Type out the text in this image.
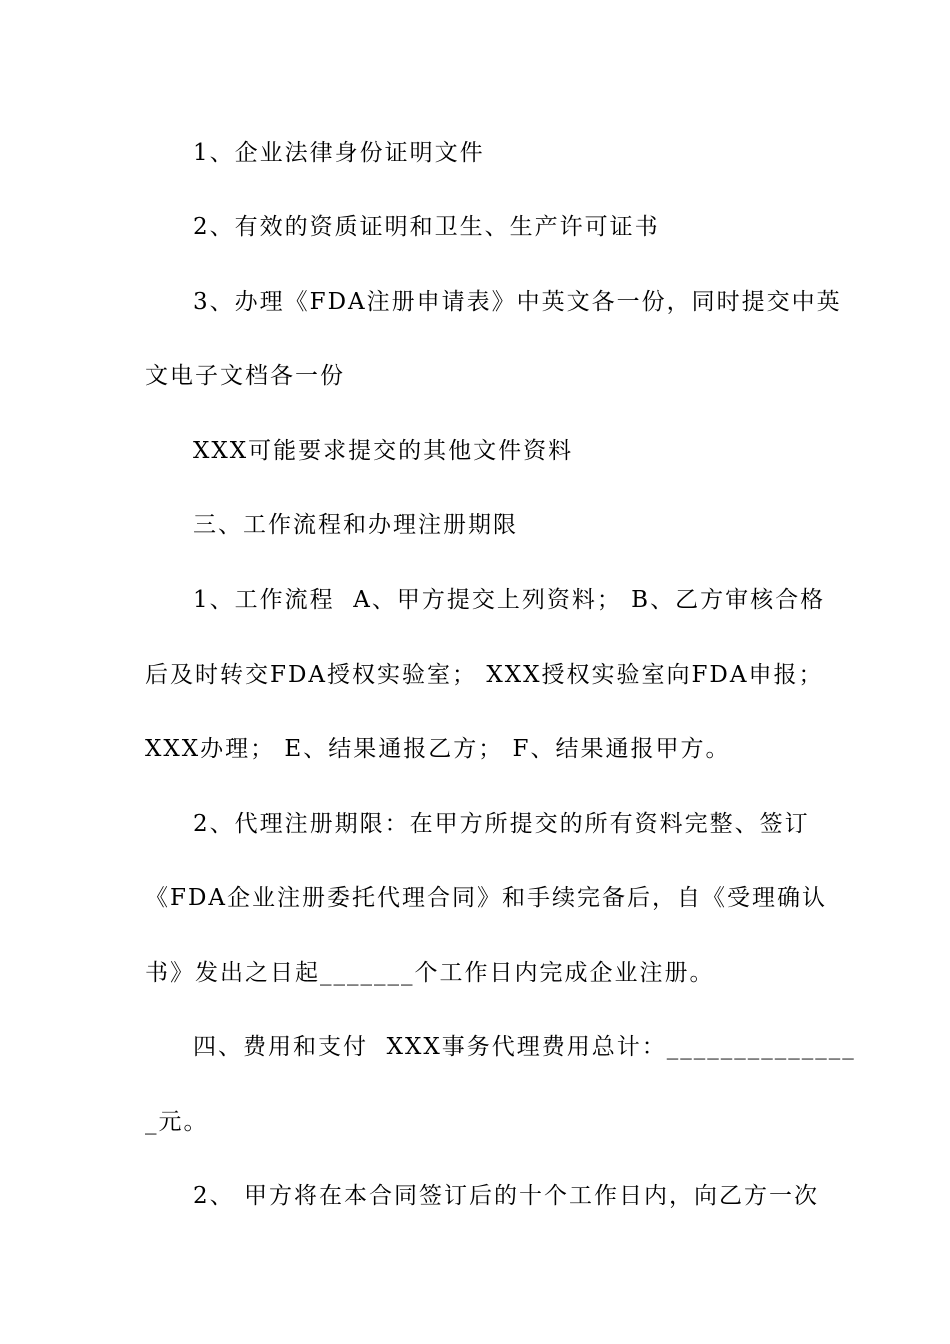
1、企业法律身份证明文件
2、有效的资质证明和卫生、生产许可证书
3、办理《FDA注册申请表》中英文各一份，同时提交中英
文电子文档各一份
XXX可能要求提交的其他文件资料
三、工作流程和办理注册期限
1、工作流程  A、甲方提交上列资料； B、乙方审核合格
后及时转交FDA授权实验室； XXX授权实验室向FDA申报；
XXX办理； E、结果通报乙方； F、结果通报甲方。
2、代理注册期限：在甲方所提交的所有资料完整、签订
《FDA企业注册委托代理合同》和手续完备后，自《受理确认
书》发出之日起_______个工作日内完成企业注册。
四、费用和支付  XXX事务代理费用总计：______________
_元。
2、 甲方将在本合同签订后的十个工作日内，向乙方一次
